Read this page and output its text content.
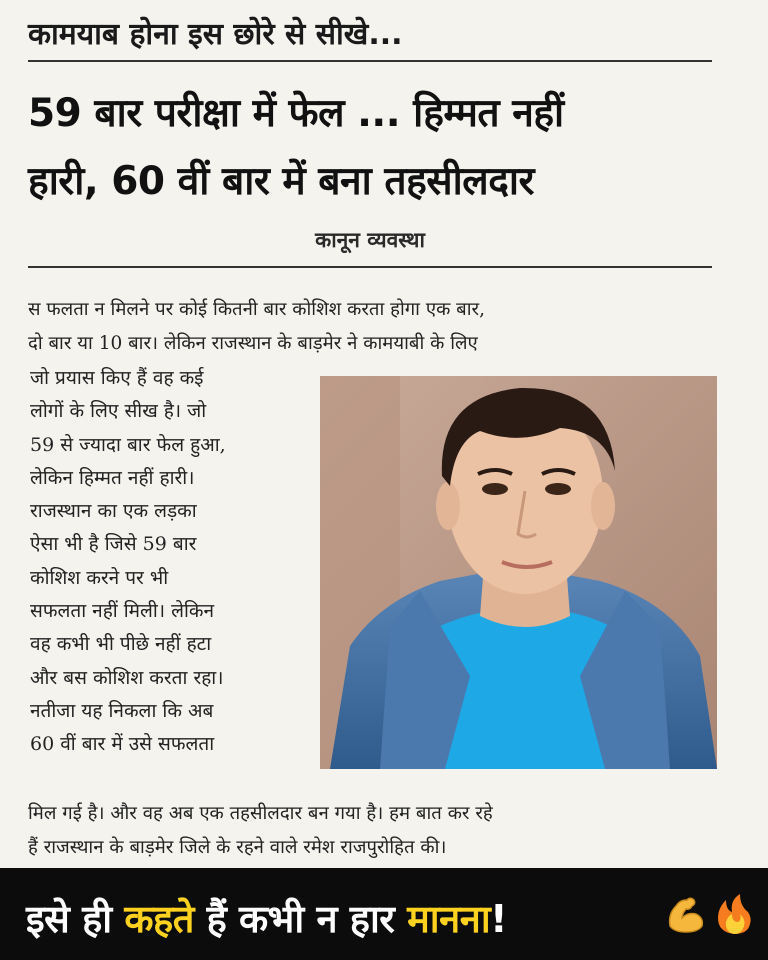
कामयाब होना इस छोरे से सीखे...
59 बार परीक्षा में फेल ... हिम्मत नहीं
हारी, 60 वीं बार में बना तहसीलदार
कानून व्यवस्था
स फलता न मिलने पर कोई कितनी बार कोशिश करता होगा एक बार,
दो बार या 10 बार। लेकिन राजस्थान के बाड़मेर ने कामयाबी के लिए
जो प्रयास किए हैं वह कई
लोगों के लिए सीख है। जो
59 से ज्यादा बार फेल हुआ,
लेकिन हिम्मत नहीं हारी।
राजस्थान का एक लड़का
ऐसा भी है जिसे 59 बार
कोशिश करने पर भी
सफलता नहीं मिली। लेकिन
वह कभी भी पीछे नहीं हटा
और बस कोशिश करता रहा।
नतीजा यह निकला कि अब
60 वीं बार में उसे सफलता
मिल गई है। और वह अब एक तहसीलदार बन गया है। हम बात कर रहे
हैं राजस्थान के बाड़मेर जिले के रहने वाले रमेश राजपुरोहित की।
इसे ही कहते हैं कभी न हार मानना!
